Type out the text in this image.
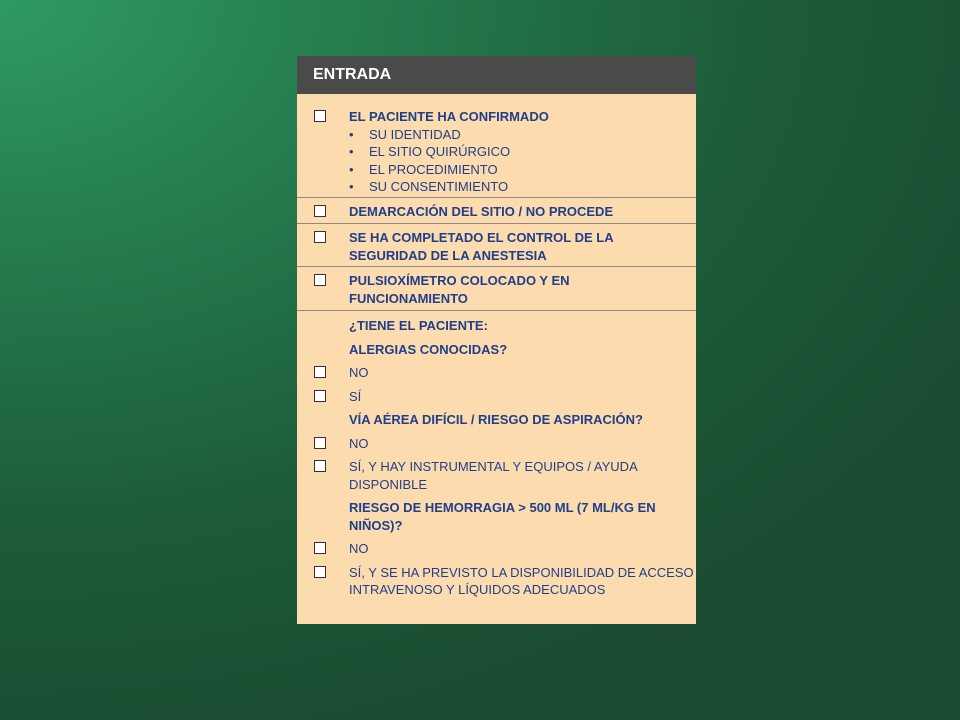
ENTRADA
EL PACIENTE HA CONFIRMADO
• SU IDENTIDAD
• EL SITIO QUIRÚRGICO
• EL PROCEDIMIENTO
• SU CONSENTIMIENTO
DEMARCACIÓN DEL SITIO / NO PROCEDE
SE HA COMPLETADO EL CONTROL DE LA
SEGURIDAD DE LA ANESTESIA
PULSIOXÍMETRO COLOCADO Y EN
FUNCIONAMIENTO
¿TIENE EL PACIENTE:
ALERGIAS CONOCIDAS?
NO
SÍ
VÍA AÉREA DIFÍCIL / RIESGO DE ASPIRACIÓN?
NO
SÍ, Y HAY INSTRUMENTAL Y EQUIPOS / AYUDA
DISPONIBLE
RIESGO DE HEMORRAGIA > 500 ML (7 ML/KG EN
NIÑOS)?
NO
SÍ, Y SE HA PREVISTO LA DISPONIBILIDAD DE ACCESO
INTRAVENOSO Y LÍQUIDOS ADECUADOS
